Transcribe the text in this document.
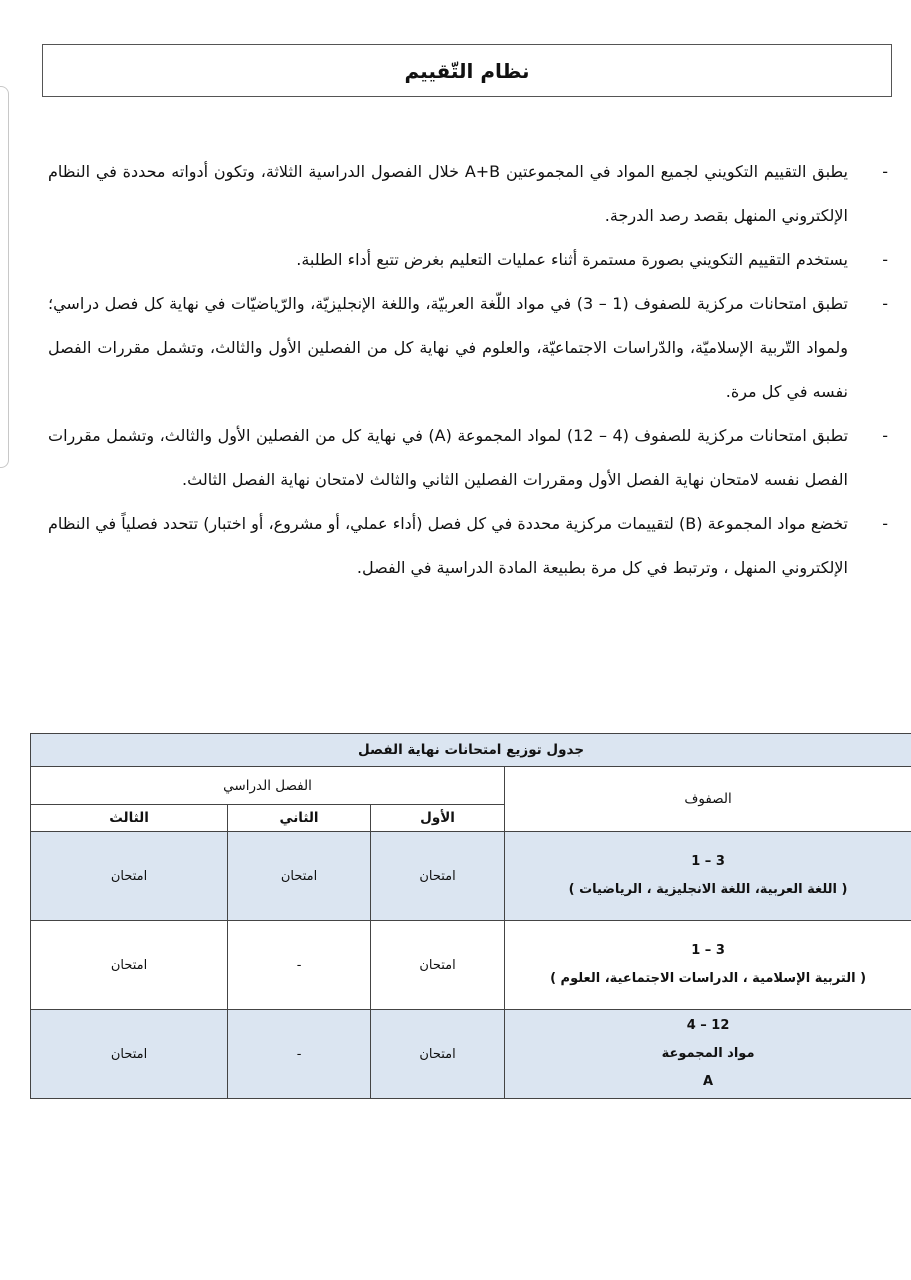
نظام التّقييم
-
يطبق التقييم التكويني لجميع المواد في المجموعتين A+B خلال الفصول الدراسية الثلاثة، وتكون أدواته محددة في النظام الإلكتروني المنهل بقصد رصد الدرجة.
-
يستخدم التقييم التكويني بصورة مستمرة أثناء عمليات التعليم بغرض تتبع أداء الطلبة.
-
تطبق امتحانات مركزية للصفوف (1 – 3) في مواد اللّغة العربيّة، واللغة الإنجليزيّة، والرّياضيّات في نهاية كل فصل دراسي؛ ولمواد التّربية الإسلاميّة، والدّراسات الاجتماعيّة، والعلوم في نهاية كل من الفصلين الأول والثالث، وتشمل مقررات الفصل نفسه في كل مرة.
-
تطبق امتحانات مركزية للصفوف (4 – 12) لمواد المجموعة (A) في نهاية كل من الفصلين الأول والثالث، وتشمل مقررات الفصل نفسه لامتحان نهاية الفصل الأول ومقررات الفصلين الثاني والثالث لامتحان نهاية الفصل الثالث.
-
تخضع مواد المجموعة (B) لتقييمات مركزية محددة في كل فصل (أداء عملي، أو مشروع، أو اختبار) تتحدد فصلياً في النظام الإلكتروني المنهل ، وترتبط في كل مرة بطبيعة المادة الدراسية في الفصل.
جدول توزيع امتحانات نهاية الفصل			
الصفوف	الفصل الدراسي		
	الأول	الثاني	الثالث

3 – 1
( اللغة العربية، اللغة الانجليزية ، الرياضيات )	امتحان	امتحان	امتحان

3 – 1
( التربية الإسلامية ، الدراسات الاجتماعية، العلوم )	امتحان	-	امتحان

12 – 4
مواد المجموعة
A	امتحان	-	امتحان
